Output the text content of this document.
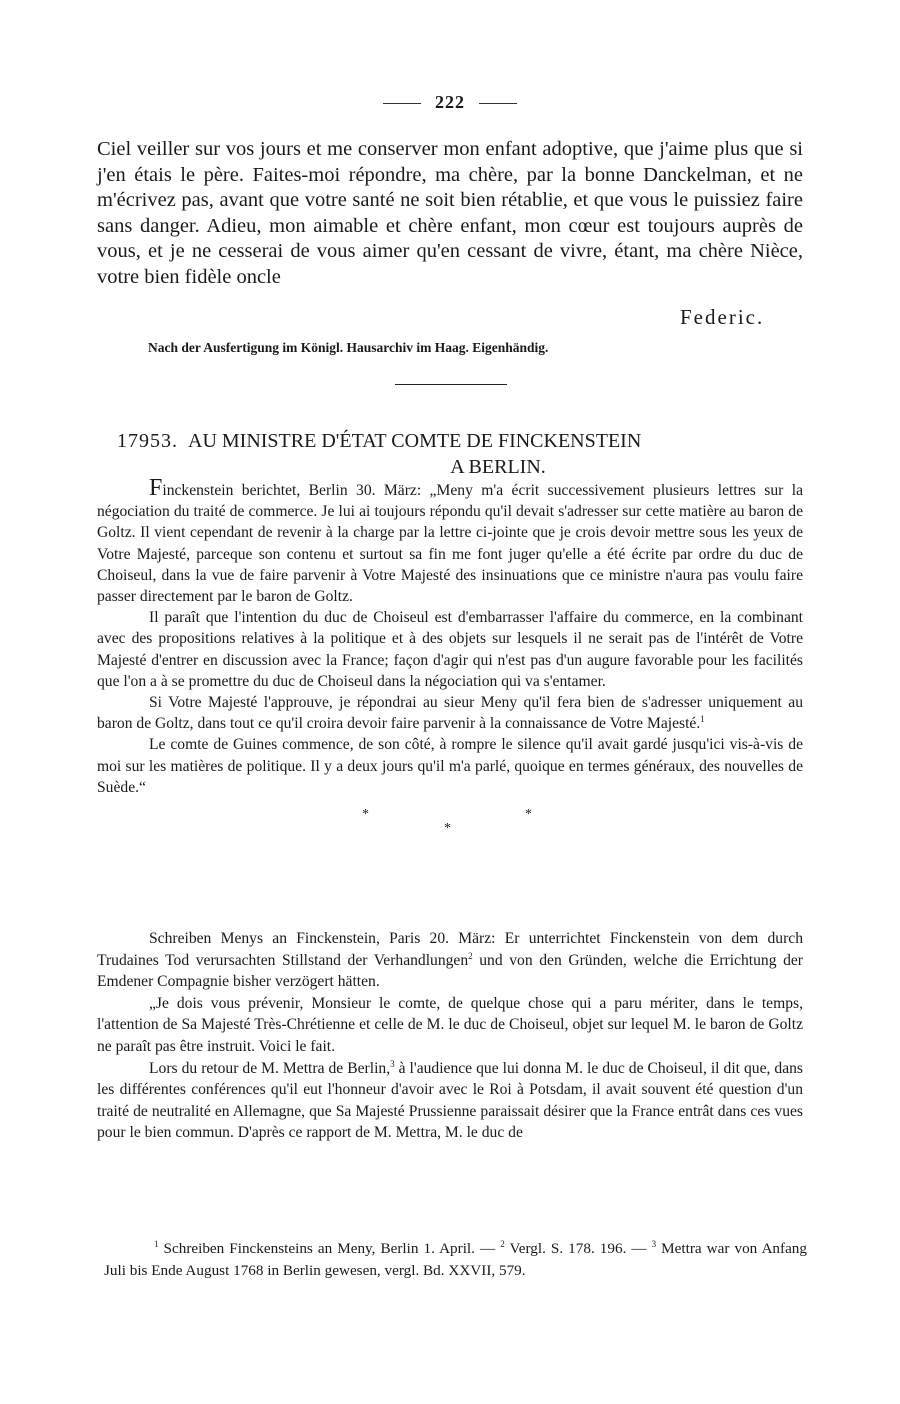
222

Ciel veiller sur vos jours et me conserver mon enfant adoptive, que j'aime plus que si j'en étais le père. Faites-moi répondre, ma chère, par la bonne Danckelman, et ne m'écrivez pas, avant que votre santé ne soit bien rétablie, et que vous le puissiez faire sans danger. Adieu, mon aimable et chère enfant, mon cœur est toujours auprès de vous, et je ne cesserai de vous aimer qu'en cessant de vivre, étant, ma chère Nièce, votre bien fidèle oncle

Federic.
Nach der Ausfertigung im Königl. Hausarchiv im Haag. Eigenhändig.
17953. AU MINISTRE D'ÉTAT COMTE DE FINCKENSTEIN
A BERLIN.

Finckenstein berichtet, Berlin 30. März: „Meny m'a écrit successivement plusieurs lettres sur la négociation du traité de commerce. Je lui ai toujours répondu qu'il devait s'adresser sur cette matière au baron de Goltz. Il vient cependant de revenir à la charge par la lettre ci-jointe que je crois devoir mettre sous les yeux de Votre Majesté, parceque son contenu et surtout sa fin me font juger qu'elle a été écrite par ordre du duc de Choiseul, dans la vue de faire parvenir à Votre Majesté des insinuations que ce ministre n'aura pas voulu faire passer directement par le baron de Goltz.

Il paraît que l'intention du duc de Choiseul est d'embarrasser l'affaire du commerce, en la combinant avec des propositions relatives à la politique et à des objets sur lesquels il ne serait pas de l'intérêt de Votre Majesté d'entrer en discussion avec la France; façon d'agir qui n'est pas d'un augure favorable pour les facilités que l'on a à se promettre du duc de Choiseul dans la négociation qui va s'entamer.

Si Votre Majesté l'approuve, je répondrai au sieur Meny qu'il fera bien de s'adresser uniquement au baron de Goltz, dans tout ce qu'il croira devoir faire parvenir à la connaissance de Votre Majesté.$^1$

Le comte de Guines commence, de son côté, à rompre le silence qu'il avait gardé jusqu'ici vis-à-vis de moi sur les matières de politique. Il y a deux jours qu'il m'a parlé, quoique en termes généraux, des nouvelles de Suède.“

*
*
*

Schreiben Menys an Finckenstein, Paris 20. März: Er unterrichtet Finckenstein von dem durch Trudaines Tod verursachten Stillstand der Verhandlungen$^2$ und von den Gründen, welche die Errichtung der Emdener Compagnie bisher verzögert hätten.

„Je dois vous prévenir, Monsieur le comte, de quelque chose qui a paru mériter, dans le temps, l'attention de Sa Majesté Très-Chrétienne et celle de M. le duc de Choiseul, objet sur lequel M. le baron de Goltz ne paraît pas être instruit. Voici le fait.

Lors du retour de M. Mettra de Berlin,$^3$ à l'audience que lui donna M. le duc de Choiseul, il dit que, dans les différentes conférences qu'il eut l'honneur d'avoir avec le Roi à Potsdam, il avait souvent été question d'un traité de neutralité en Allemagne, que Sa Majesté Prussienne paraissait désirer que la France entrât dans ces vues pour le bien commun. D'après ce rapport de M. Mettra, M. le duc de

$^1$ Schreiben Finckensteins an Meny, Berlin 1. April. — $^2$ Vergl. S. 178. 196. — $^3$ Mettra war von Anfang Juli bis Ende August 1768 in Berlin gewesen, vergl. Bd. XXVII, 579.
